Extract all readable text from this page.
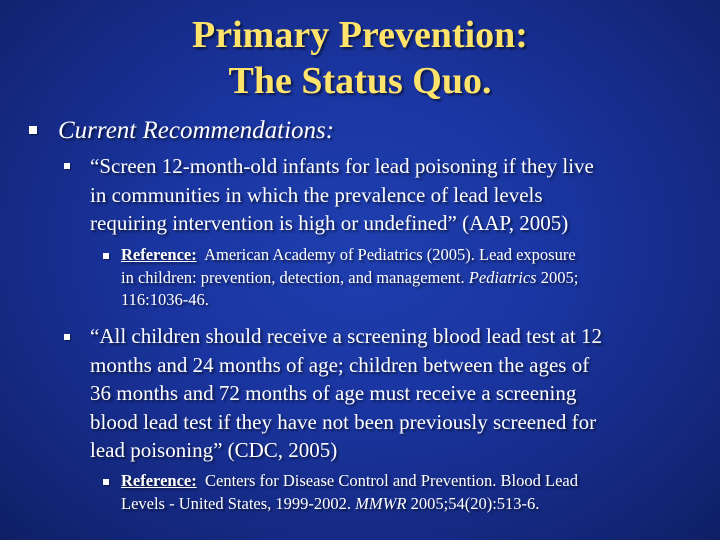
Primary Prevention:
The Status Quo.
Current Recommendations:
“Screen 12-month-old infants for lead poisoning if they live
in communities in which the prevalence of lead levels
requiring intervention is high or undefined” (AAP, 2005)
Reference: American Academy of Pediatrics (2005). Lead exposure
in children: prevention, detection, and management. Pediatrics 2005;
116:1036-46.
“All children should receive a screening blood lead test at 12
months and 24 months of age; children between the ages of
36 months and 72 months of age must receive a screening
blood lead test if they have not been previously screened for
lead poisoning” (CDC, 2005)
Reference: Centers for Disease Control and Prevention. Blood Lead
Levels - United States, 1999-2002. MMWR 2005;54(20):513-6.
